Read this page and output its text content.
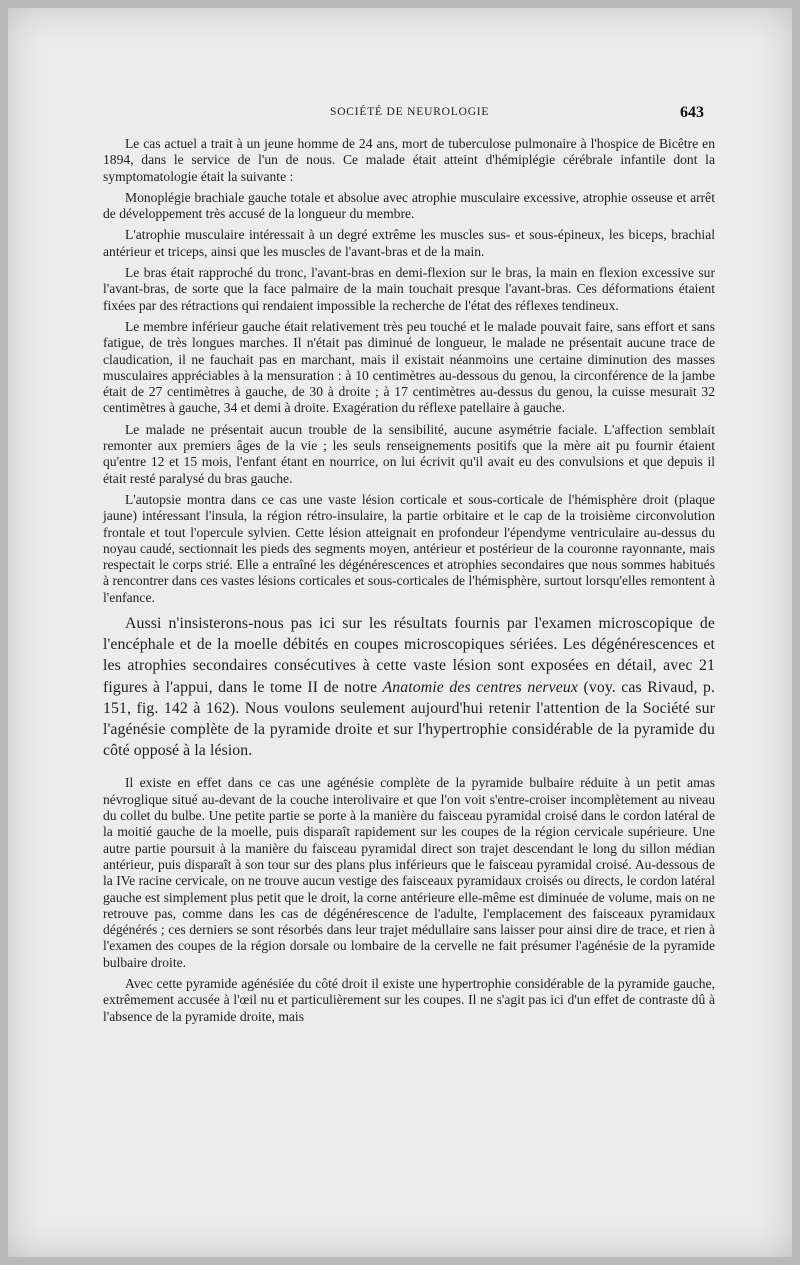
SOCIÉTÉ DE NEUROLOGIE	643

Le cas actuel a trait à un jeune homme de 24 ans, mort de tuberculose pulmonaire à l'hospice de Bicêtre en 1894, dans le service de l'un de nous. Ce malade était atteint d'hémiplégie cérébrale infantile dont la symptomatologie était la suivante :

Monoplégie brachiale gauche totale et absolue avec atrophie musculaire excessive, atrophie osseuse et arrêt de développement très accusé de la longueur du membre.

L'atrophie musculaire intéressait à un degré extrême les muscles sus- et sous-épineux, les biceps, brachial antérieur et triceps, ainsi que les muscles de l'avant-bras et de la main.

Le bras était rapproché du tronc, l'avant-bras en demi-flexion sur le bras, la main en flexion excessive sur l'avant-bras, de sorte que la face palmaire de la main touchait presque l'avant-bras. Ces déformations étaient fixées par des rétractions qui rendaient impossible la recherche de l'état des réflexes tendineux.

Le membre inférieur gauche était relativement très peu touché et le malade pouvait faire, sans effort et sans fatigue, de très longues marches. Il n'était pas diminué de longueur, le malade ne présentait aucune trace de claudication, il ne fauchait pas en marchant, mais il existait néanmoins une certaine diminution des masses musculaires appréciables à la mensuration : à 10 centimètres au-dessous du genou, la circonférence de la jambe était de 27 centimètres à gauche, de 30 à droite ; à 17 centimètres au-dessus du genou, la cuisse mesurait 32 centimètres à gauche, 34 et demi à droite. Exagération du réflexe patellaire à gauche.

Le malade ne présentait aucun trouble de la sensibilité, aucune asymétrie faciale. L'affection semblait remonter aux premiers âges de la vie ; les seuls renseignements positifs que la mère ait pu fournir étaient qu'entre 12 et 15 mois, l'enfant étant en nourrice, on lui écrivit qu'il avait eu des convulsions et que depuis il était resté paralysé du bras gauche.

L'autopsie montra dans ce cas une vaste lésion corticale et sous-corticale de l'hémisphère droit (plaque jaune) intéressant l'insula, la région rétro-insulaire, la partie orbitaire et le cap de la troisième circonvolution frontale et tout l'opercule sylvien. Cette lésion atteignait en profondeur l'épendyme ventriculaire au-dessus du noyau caudé, sectionnait les pieds des segments moyen, antérieur et postérieur de la couronne rayonnante, mais respectait le corps strié. Elle a entraîné les dégénérescences et atrophies secondaires que nous sommes habitués à rencontrer dans ces vastes lésions corticales et sous-corticales de l'hémisphère, surtout lorsqu'elles remontent à l'enfance.

Aussi n'insisterons-nous pas ici sur les résultats fournis par l'examen microscopique de l'encéphale et de la moelle débités en coupes microscopiques sériées. Les dégénérescences et les atrophies secondaires consécutives à cette vaste lésion sont exposées en détail, avec 21 figures à l'appui, dans le tome II de notre Anatomie des centres nerveux (voy. cas Rivaud, p. 151, fig. 142 à 162). Nous voulons seulement aujourd'hui retenir l'attention de la Société sur l'agénésie complète de la pyramide droite et sur l'hypertrophie considérable de la pyramide du côté opposé à la lésion.

Il existe en effet dans ce cas une agénésie complète de la pyramide bulbaire réduite à un petit amas névroglique situé au-devant de la couche interolivaire et que l'on voit s'entre-croiser incomplètement au niveau du collet du bulbe. Une petite partie se porte à la manière du faisceau pyramidal croisé dans le cordon latéral de la moitié gauche de la moelle, puis disparaît rapidement sur les coupes de la région cervicale supérieure. Une autre partie poursuit à la manière du faisceau pyramidal direct son trajet descendant le long du sillon médian antérieur, puis disparaît à son tour sur des plans plus inférieurs que le faisceau pyramidal croisé. Au-dessous de la IVe racine cervicale, on ne trouve aucun vestige des faisceaux pyramidaux croisés ou directs, le cordon latéral gauche est simplement plus petit que le droit, la corne antérieure elle-même est diminuée de volume, mais on ne retrouve pas, comme dans les cas de dégénérescence de l'adulte, l'emplacement des faisceaux pyramidaux dégénérés ; ces derniers se sont résorbés dans leur trajet médullaire sans laisser pour ainsi dire de trace, et rien à l'examen des coupes de la région dorsale ou lombaire de la cervelle ne fait présumer l'agénésie de la pyramide bulbaire droite.

Avec cette pyramide agénésiée du côté droit il existe une hypertrophie considérable de la pyramide gauche, extrêmement accusée à l'œil nu et particulièrement sur les coupes. Il ne s'agit pas ici d'un effet de contraste dû à l'absence de la pyramide droite, mais
